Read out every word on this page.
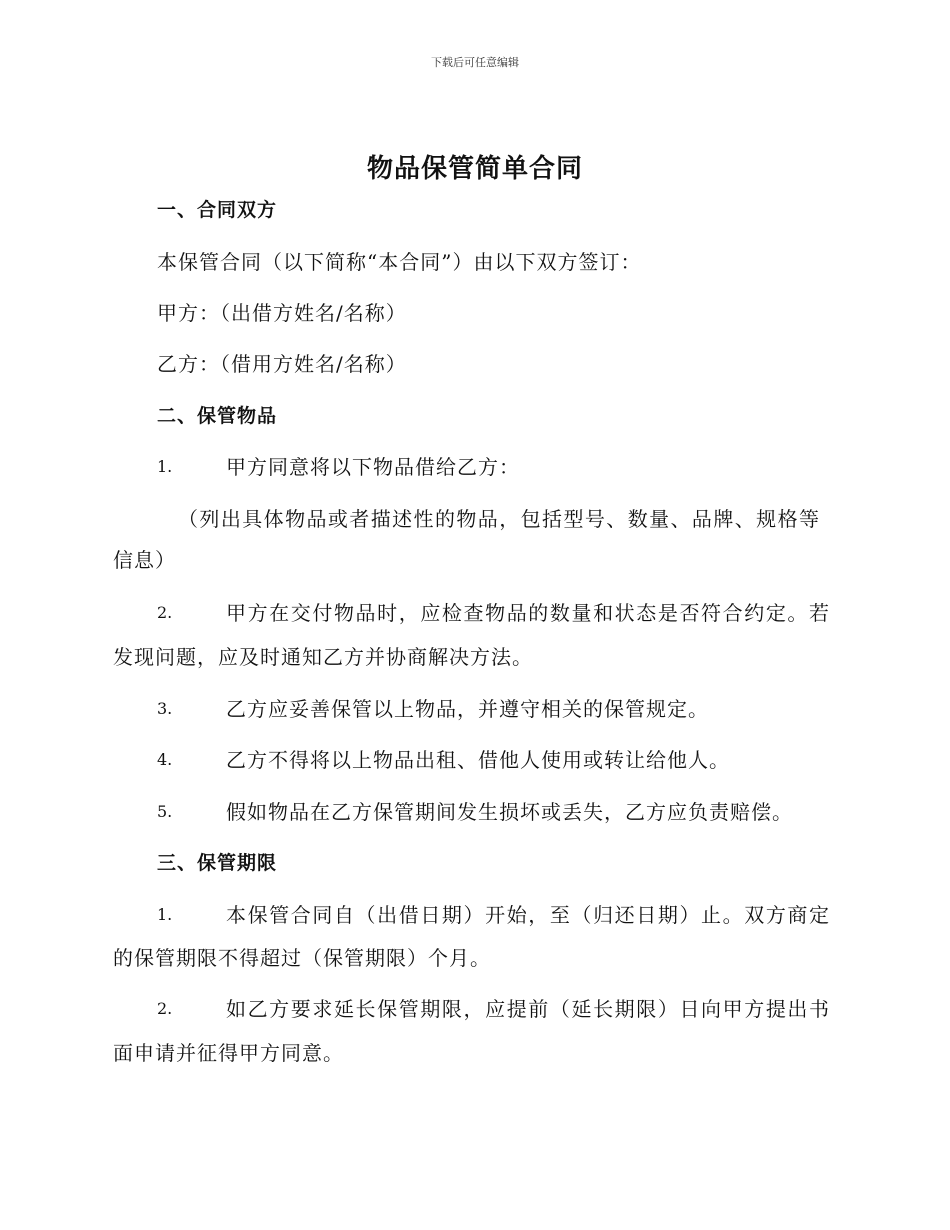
下载后可任意编辑
物品保管简单合同
一、合同双方
本保管合同（以下简称“本合同”）由以下双方签订：
甲方：（出借方姓名/名称）
乙方：（借用方姓名/名称）
二、保管物品
1.	甲方同意将以下物品借给乙方：
（列出具体物品或者描述性的物品，包括型号、数量、品牌、规格等
信息）
2.	甲方在交付物品时，应检查物品的数量和状态是否符合约定。若
发现问题，应及时通知乙方并协商解决方法。
3.	乙方应妥善保管以上物品，并遵守相关的保管规定。
4.	乙方不得将以上物品出租、借他人使用或转让给他人。
5.	假如物品在乙方保管期间发生损坏或丢失，乙方应负责赔偿。
三、保管期限
1.	本保管合同自（出借日期）开始，至（归还日期）止。双方商定
的保管期限不得超过（保管期限）个月。
2.	如乙方要求延长保管期限，应提前（延长期限）日向甲方提出书
面申请并征得甲方同意。
